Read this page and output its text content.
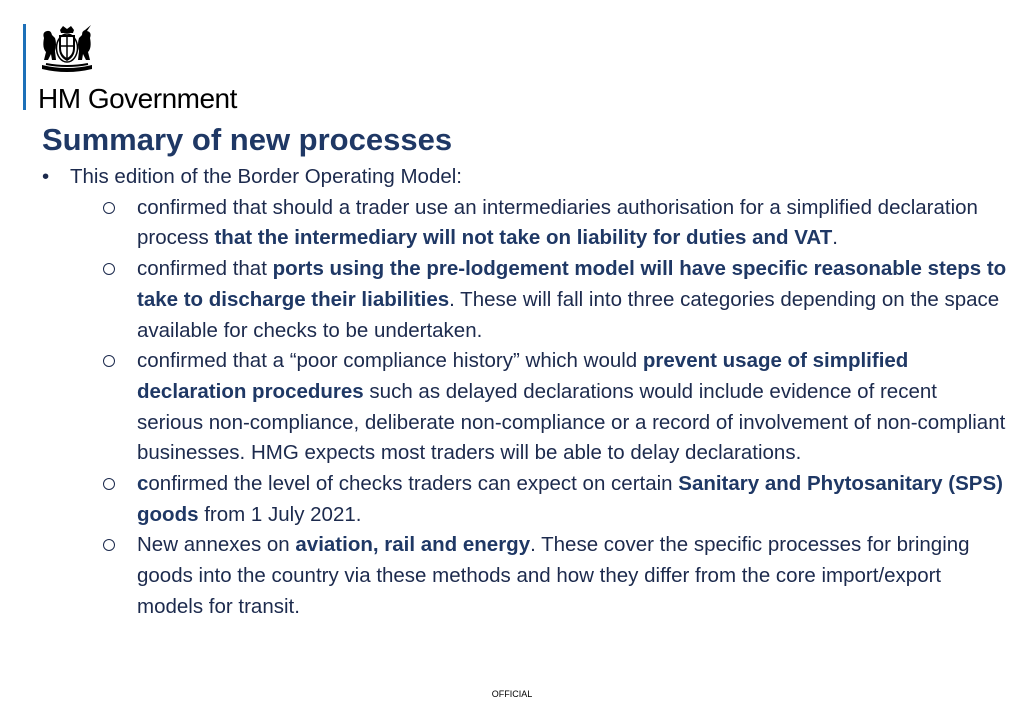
HM Government
Summary of new processes
•	This edition of the Border Operating Model:
confirmed that should a trader use an intermediaries authorisation for a simplified declaration process that the intermediary will not take on liability for duties and VAT.
confirmed that ports using the pre-lodgement model will have specific reasonable steps to take to discharge their liabilities. These will fall into three categories depending on the space available for checks to be undertaken.
confirmed that a “poor compliance history” which would prevent usage of simplified declaration procedures such as delayed declarations would include evidence of recent serious non-compliance, deliberate non-compliance or a record of involvement of non-compliant businesses. HMG expects most traders will be able to delay declarations.
confirmed the level of checks traders can expect on certain Sanitary and Phytosanitary (SPS) goods from 1 July 2021.
New annexes on aviation, rail and energy. These cover the specific processes for bringing goods into the country via these methods and how they differ from the core import/export models for transit.
OFFICIAL
